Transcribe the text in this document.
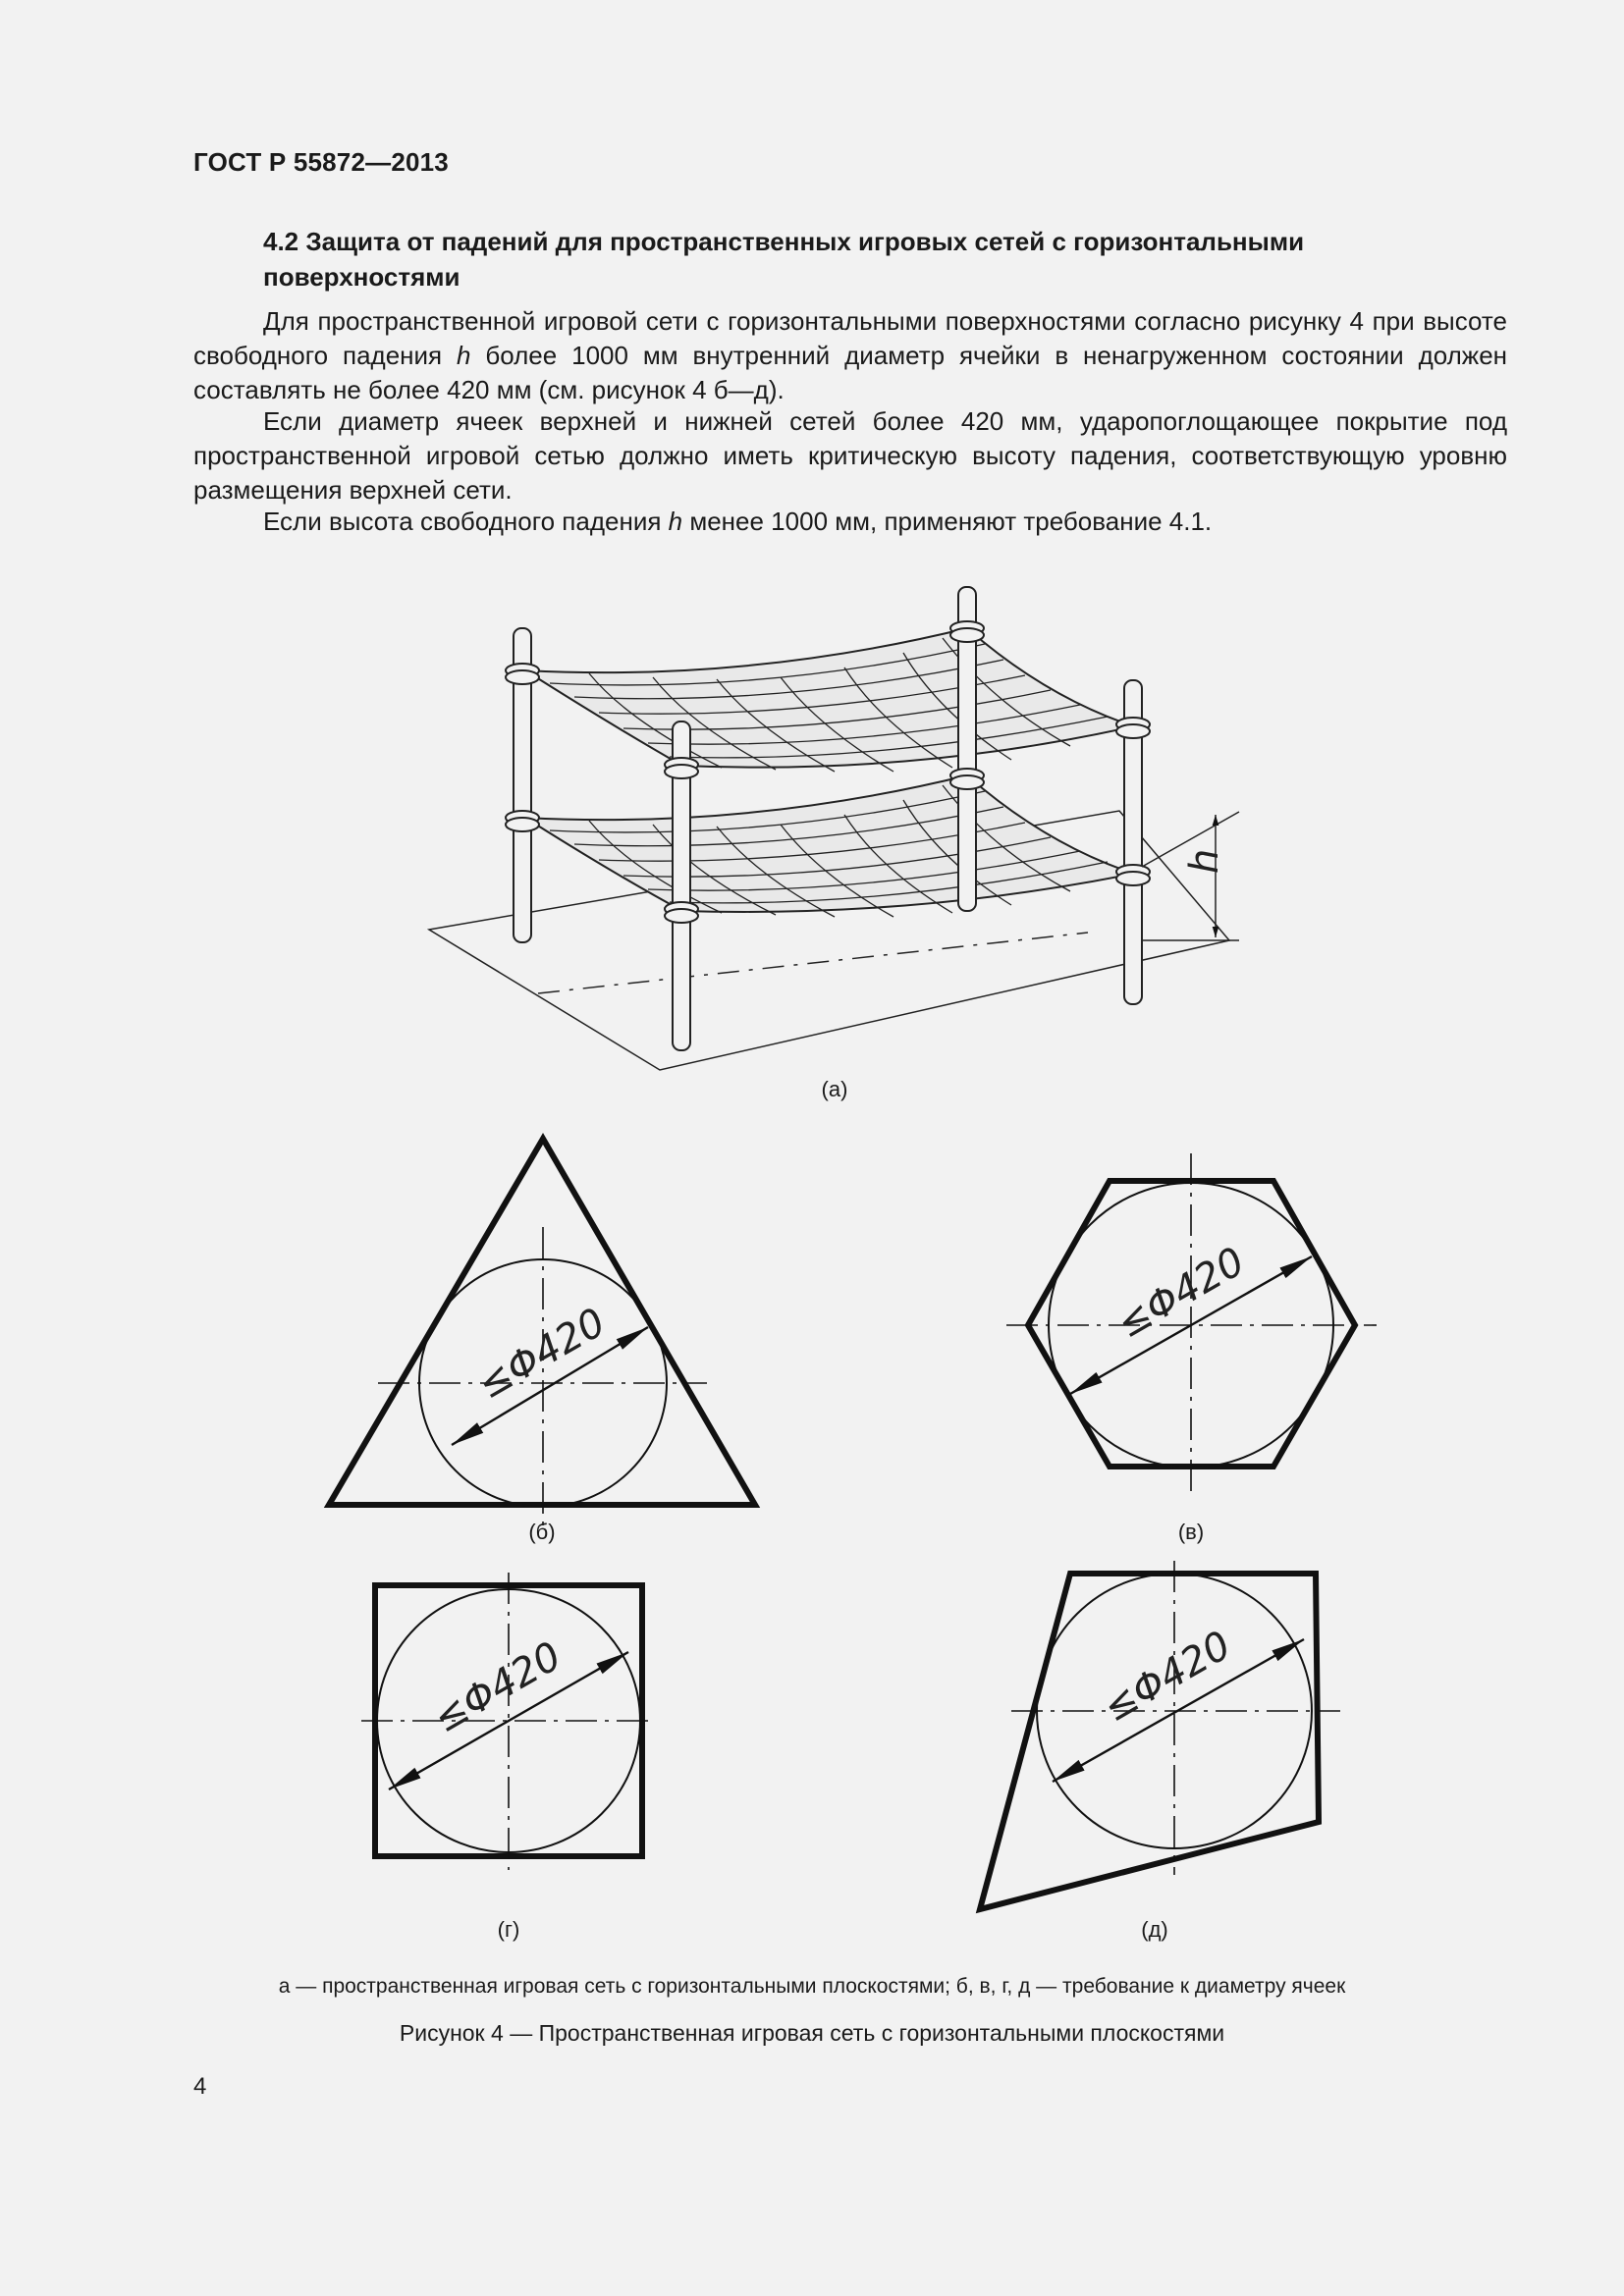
ГОСТ Р 55872—2013
4.2 Защита от падений для пространственных игровых сетей с горизонтальными поверхностями

Для пространственной игровой сети с горизонтальными поверхностями согласно рисунку 4 при высоте свободного падения h более 1000 мм внутренний диаметр ячейки в ненагруженном состоянии должен составлять не более 420 мм (см. рисунок 4 б—д).

Если диаметр ячеек верхней и нижней сетей более 420 мм, ударопоглощающее покрытие под пространственной игровой сетью должно иметь критическую высоту падения, соответствующую уровню размещения верхней сети.

Если высота свободного падения h менее 1000 мм, применяют требование 4.1.

h
(а)
≤Φ420
(б)
≤Φ420
(в)
≤Φ420
(г)
≤Φ420
(д)
а — пространственная игровая сеть с горизонтальными плоскостями; б, в, г, д — требование к диаметру ячеек
Рисунок 4 — Пространственная игровая сеть с горизонтальными плоскостями
4
